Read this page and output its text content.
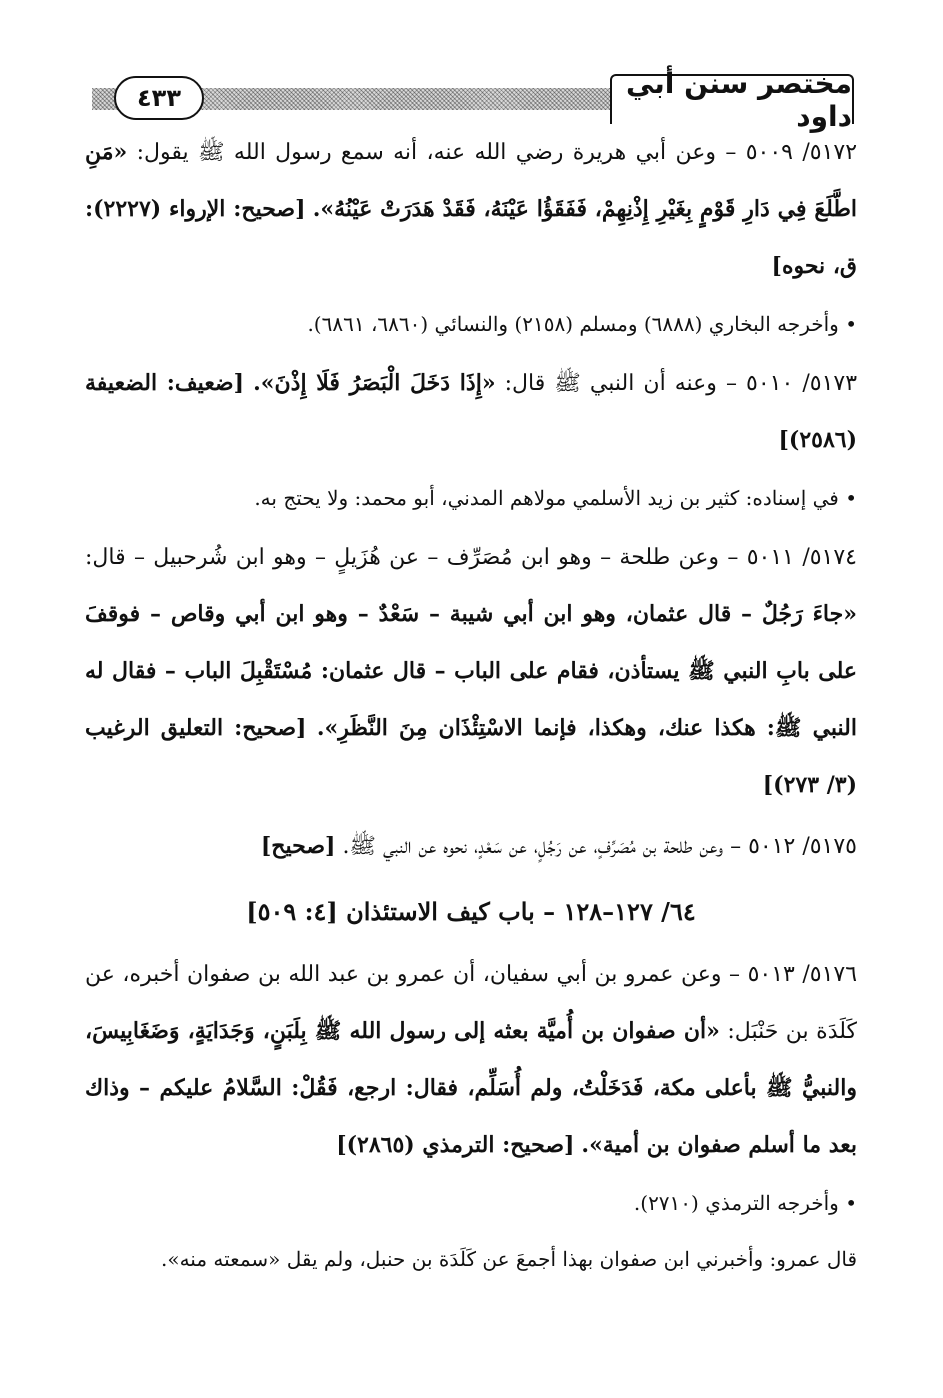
٤٣٣	مختصر سنن أبي داود

٥١٧٢/ ٥٠٠٩ – وعن أبي هريرة رضي الله عنه، أنه سمع رسول الله ﷺ يقول: «مَنِ اطَّلَعَ فِي دَارِ قَوْمٍ بِغَيْرِ إِذْنِهِمْ، فَفَقَؤُا عَيْنَهُ، فَقَدْ هَدَرَتْ عَيْنُهُ». [صحيح: الإرواء (٢٢٢٧): ق، نحوه]

• وأخرجه البخاري (٦٨٨٨) ومسلم (٢١٥٨) والنسائي (٦٨٦٠، ٦٨٦١).

٥١٧٣/ ٥٠١٠ – وعنه أن النبي ﷺ قال: «إِذَا دَخَلَ الْبَصَرُ فَلَا إِذْنَ». [ضعيف: الضعيفة (٢٥٨٦)]

• في إسناده: كثير بن زيد الأسلمي مولاهم المدني، أبو محمد: ولا يحتج به.

٥١٧٤/ ٥٠١١ – وعن طلحة – وهو ابن مُصَرِّف – عن هُزَيلٍ – وهو ابن شُرحبيل – قال: «جاءَ رَجُلٌ – قال عثمان، وهو ابن أبي شيبة – سَعْدٌ – وهو ابن أبي وقاص – فوقفَ على بابِ النبي ﷺ يستأذن، فقام على الباب – قال عثمان: مُسْتَقْبِلَ الباب – فقال له النبي ﷺ: هكذا عنك، وهكذا، فإنما الاسْتِئْذَان مِنَ النَّظَرِ». [صحيح: التعليق الرغيب (٣/ ٢٧٣)]

٥١٧٥/ ٥٠١٢ – وعن طلحة بن مُصَرِّفٍ، عن رَجُلٍ، عن سَعْدٍ، نحوه عن النبي ﷺ. [صحيح]

٦٤/ ١٢٧–١٢٨ – باب كيف الاستئذان [٤: ٥٠٩]

٥١٧٦/ ٥٠١٣ – وعن عمرو بن أبي سفيان، أن عمرو بن عبد الله بن صفوان أخبره، عن كَلَدَة بن حَنْبَل: «أن صفوان بن أُميَّة بعثه إلى رسول الله ﷺ بِلَبَنٍ، وَجَدَايَةٍ، وَضَغَابِيسَ، والنبيُّ ﷺ بأعلى مكة، فَدَخَلْتُ، ولم أُسَلِّم، فقال: ارجع، فَقُلْ: السَّلامُ عليكم – وذاك بعد ما أسلم صفوان بن أمية». [صحيح: الترمذي (٢٨٦٥)]

• وأخرجه الترمذي (٢٧١٠).

قال عمرو: وأخبرني ابن صفوان بهذا أجمعَ عن كَلَدَة بن حنبل، ولم يقل «سمعته منه».
